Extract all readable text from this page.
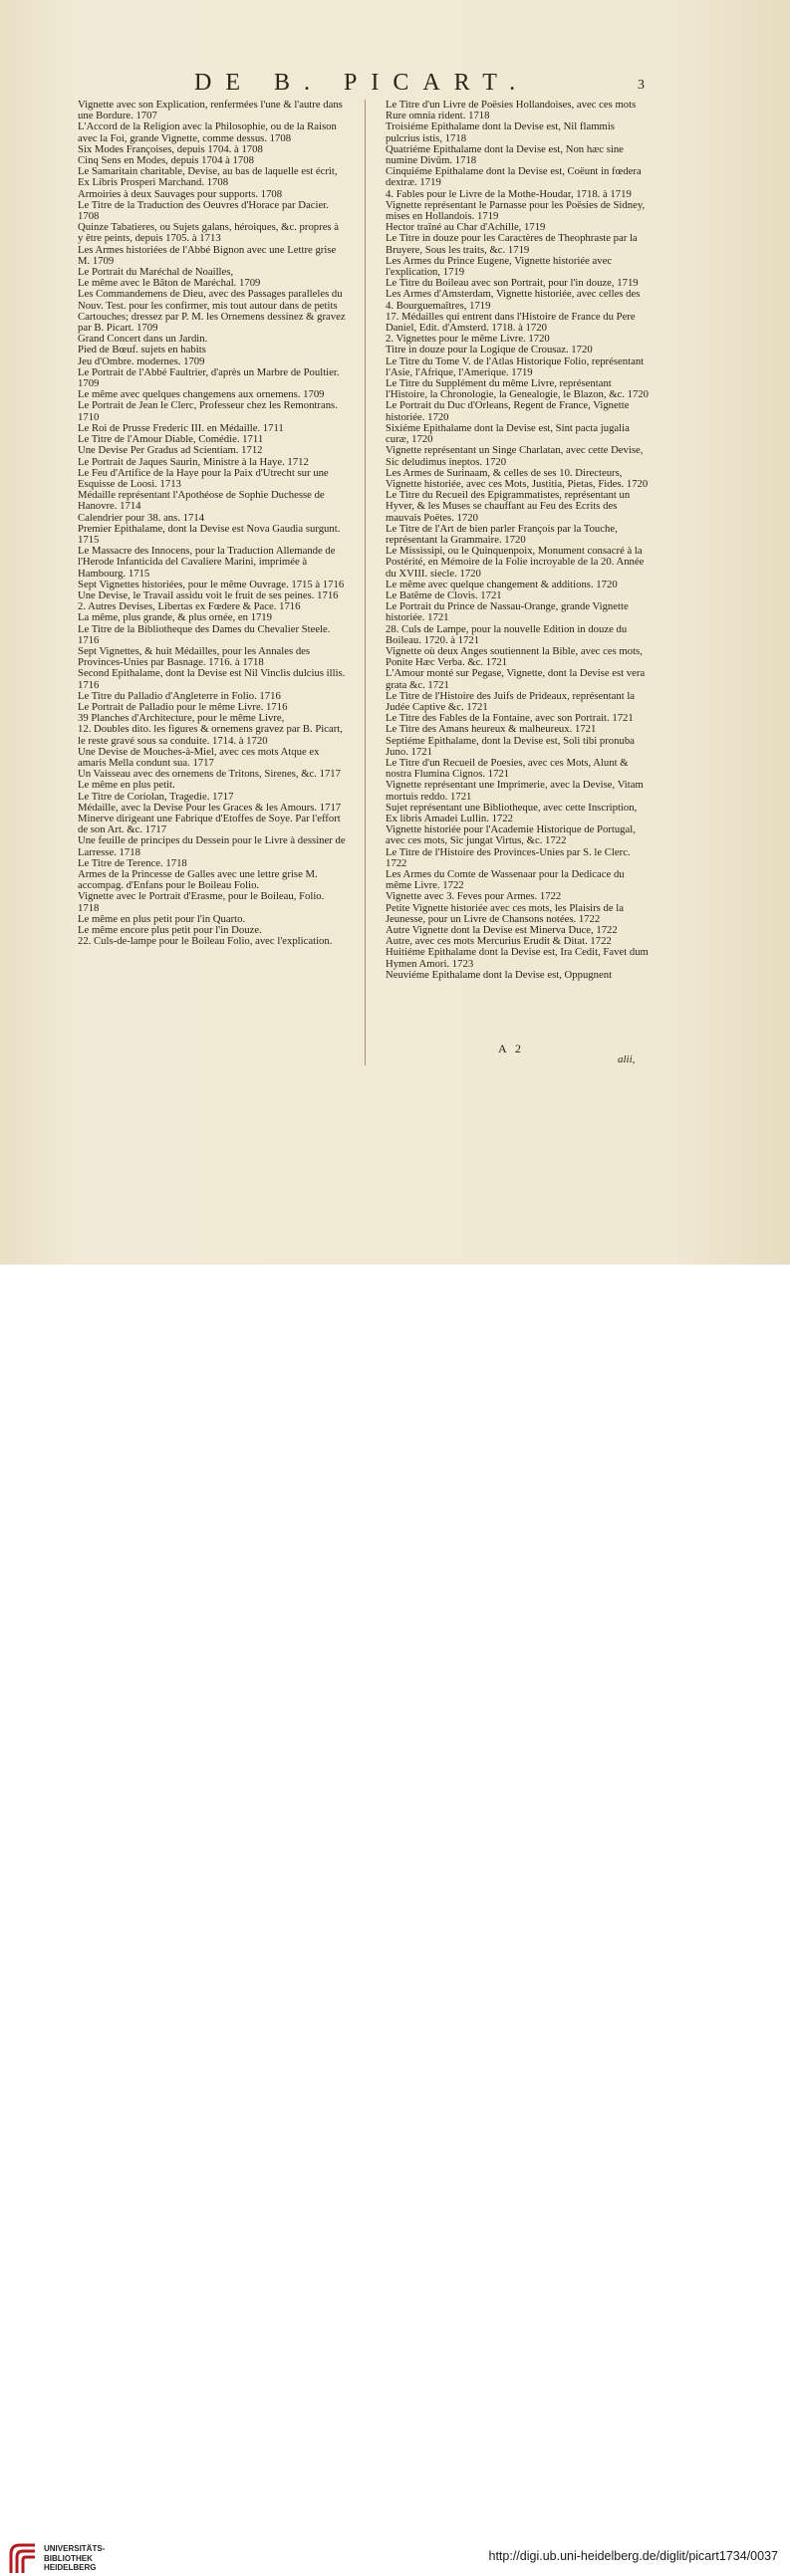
DE B. PICART.	3

Vignette avec son Explication, renfermées l'une & l'autre dans une Bordure. 1707

L'Accord de la Religion avec la Philosophie, ou de la Raison avec la Foi, grande Vignette, comme dessus. 1708

Six Modes Françoises, depuis 1704. à 1708

Cinq Sens en Modes, depuis 1704 à 1708

Le Samaritain charitable, Devise, au bas de laquelle est écrit, Ex Libris Prosperi Marchand. 1708

Armoiries à deux Sauvages pour supports. 1708

Le Titre de la Traduction des Oeuvres d'Horace par Dacier. 1708

Quinze Tabatieres, ou Sujets galans, héroiques, &c. propres à y être peints, depuis 1705. à 1713

Les Armes historiées de l'Abbé Bignon avec une Lettre grise M. 1709

Le Portrait du Maréchal de Noailles,

Le même avec le Bâton de Maréchal. 1709

Les Commandemens de Dieu, avec des Passages paralleles du Nouv. Test. pour les confirmer, mis tout autour dans de petits Cartouches; dressez par P. M. les Ornemens dessinez & gravez par B. Picart. 1709

Grand Concert dans un Jardin.

Pied de Bœuf. sujets en habits

Jeu d'Ombre. modernes. 1709

Le Portrait de l'Abbé Faultrier, d'après un Marbre de Poultier. 1709

Le même avec quelques changemens aux ornemens. 1709

Le Portrait de Jean le Clerc, Professeur chez les Remontrans. 1710

Le Roi de Prusse Frederic III. en Médaille. 1711

Le Titre de l'Amour Diable, Comédie. 1711

Une Devise Per Gradus ad Scientiam. 1712

Le Portrait de Jaques Saurin, Ministre à la Haye. 1712

Le Feu d'Artifice de la Haye pour la Paix d'Utrecht sur une Esquisse de Loosi. 1713

Médaille représentant l'Apothéose de Sophie Duchesse de Hanovre. 1714

Calendrier pour 38. ans. 1714

Premier Epithalame, dont la Devise est Nova Gaudia surgunt. 1715

Le Massacre des Innocens, pour la Traduction Allemande de l'Herode Infanticida del Cavaliere Marini, imprimée à Hambourg. 1715

Sept Vignettes historiées, pour le même Ouvrage. 1715 à 1716

Une Devise, le Travail assidu voit le fruit de ses peines. 1716

2. Autres Devises, Libertas ex Fœdere & Pace. 1716

La même, plus grande, & plus ornée, en 1719

Le Titre de la Bibliotheque des Dames du Chevalier Steele. 1716

Sept Vignettes, & huit Médailles, pour les Annales des Provinces-Unies par Basnage. 1716. à 1718

Second Epithalame, dont la Devise est Nil Vinclis dulcius illis. 1716

Le Titre du Palladio d'Angleterre in Folio. 1716

Le Portrait de Palladio pour le même Livre. 1716

39 Planches d'Architecture, pour le même Livre,

12. Doubles dito. les figures & ornemens gravez par B. Picart, le reste gravé sous sa conduite. 1714. à 1720

Une Devise de Mouches-à-Miel, avec ces mots Atque ex amaris Mella condunt sua. 1717

Un Vaisseau avec des ornemens de Tritons, Sirenes, &c. 1717

Le même en plus petit.

Le Titre de Coriolan, Tragedie. 1717

Médaille, avec la Devise Pour les Graces & les Amours. 1717

Minerve dirigeant une Fabrique d'Etoffes de Soye. Par l'effort de son Art. &c. 1717

Une feuille de principes du Dessein pour le Livre à dessiner de Larresse. 1718

Le Titre de Terence. 1718

Armes de la Princesse de Galles avec une lettre grise M. accompag. d'Enfans pour le Boileau Folio.

Vignette avec le Portrait d'Erasme, pour le Boileau, Folio. 1718

Le même en plus petit pour l'in Quarto.

Le même encore plus petit pour l'in Douze.

22. Culs-de-lampe pour le Boileau Folio, avec l'explication.

Le Titre d'un Livre de Poësies Hollandoises, avec ces mots Rure omnia rident. 1718

Troisiéme Epithalame dont la Devise est, Nil flammis pulcrius istis, 1718

Quatriéme Epithalame dont la Devise est, Non hæc sine numine Divûm. 1718

Cinquiéme Epithalame dont la Devise est, Coëunt in fœdera dextræ. 1719

4. Fables pour le Livre de la Mothe-Houdar, 1718. à 1719

Vignette représentant le Parnasse pour les Poësies de Sidney, mises en Hollandois. 1719

Hector traîné au Char d'Achille, 1719

Le Titre in douze pour les Caractères de Theophraste par la Bruyere, Sous les traits, &c. 1719

Les Armes du Prince Eugene, Vignette historiée avec l'explication, 1719

Le Titre du Boileau avec son Portrait, pour l'in douze, 1719

Les Armes d'Amsterdam, Vignette historiée, avec celles des 4. Bourguemaîtres, 1719

17. Médailles qui entrent dans l'Histoire de France du Pere Daniel, Edit. d'Amsterd. 1718. à 1720

2. Vignettes pour le même Livre. 1720

Titre in douze pour la Logique de Crousaz. 1720

Le Titre du Tome V. de l'Atlas Historique Folio, représentant l'Asie, l'Afrique, l'Amerique. 1719

Le Titre du Supplément du même Livre, représentant l'Histoire, la Chronologie, la Genealogie, le Blazon, &c. 1720

Le Portrait du Duc d'Orleans, Regent de France, Vignette historiée. 1720

Sixiéme Epithalame dont la Devise est, Sint pacta jugalia curæ, 1720

Vignette représentant un Singe Charlatan, avec cette Devise, Sic deludimus ineptos. 1720

Les Armes de Surinaam, & celles de ses 10. Directeurs, Vignette historiée, avec ces Mots, Justitia, Pietas, Fides. 1720

Le Titre du Recueil des Epigrammatistes, représentant un Hyver, & les Muses se chauffant au Feu des Ecrits des mauvais Poëtes. 1720

Le Titre de l'Art de bien parler François par la Touche, représentant la Grammaire. 1720

Le Mississipi, ou le Quinquenpoix, Monument consacré à la Postérité, en Mémoire de la Folie incroyable de la 20. Année du XVIII. siecle. 1720

Le même avec quelque changement & additions. 1720

Le Batême de Clovis. 1721

Le Portrait du Prince de Nassau-Orange, grande Vignette historiée. 1721

28. Culs de Lampe, pour la nouvelle Edition in douze du Boileau. 1720. à 1721

Vignette où deux Anges soutiennent la Bible, avec ces mots, Ponite Hæc Verba. &c. 1721

L'Amour monté sur Pegase, Vignette, dont la Devise est vera grata &c. 1721

Le Titre de l'Histoire des Juifs de Prideaux, représentant la Judée Captive &c. 1721

Le Titre des Fables de la Fontaine, avec son Portrait. 1721

Le Titre des Amans heureux & malheureux. 1721

Septiéme Epithalame, dont la Devise est, Soli tibi pronuba Juno. 1721

Le Titre d'un Recueil de Poesies, avec ces Mots, Alunt & nostra Flumina Cignos. 1721

Vignette représentant une Imprimerie, avec la Devise, Vitam mortuis reddo. 1721

Sujet représentant une Bibliotheque, avec cette Inscription, Ex libris Amadei Lullin. 1722

Vignette historiée pour l'Academie Historique de Portugal, avec ces mots, Sic jungat Virtus, &c. 1722

Le Titre de l'Histoire des Provinces-Unies par S. le Clerc. 1722

Les Armes du Comte de Wassenaar pour la Dedicace du même Livre. 1722

Vignette avec 3. Feves pour Armes. 1722

Petite Vignette historiée avec ces mots, les Plaisirs de la Jeunesse, pour un Livre de Chansons notées. 1722

Autre Vignette dont la Devise est Minerva Duce, 1722

Autre, avec ces mots Mercurius Erudit & Ditat. 1722

Huitiéme Epithalame dont la Devise est, Ira Cedit, Favet dum Hymen Amori. 1723

Neuviéme Epithalame dont la Devise est, Oppugnent

A 2
alii,
UNIVERSITÄTS-
BIBLIOTHEK
HEIDELBERG
http://digi.ub.uni-heidelberg.de/diglit/picart1734/0037
